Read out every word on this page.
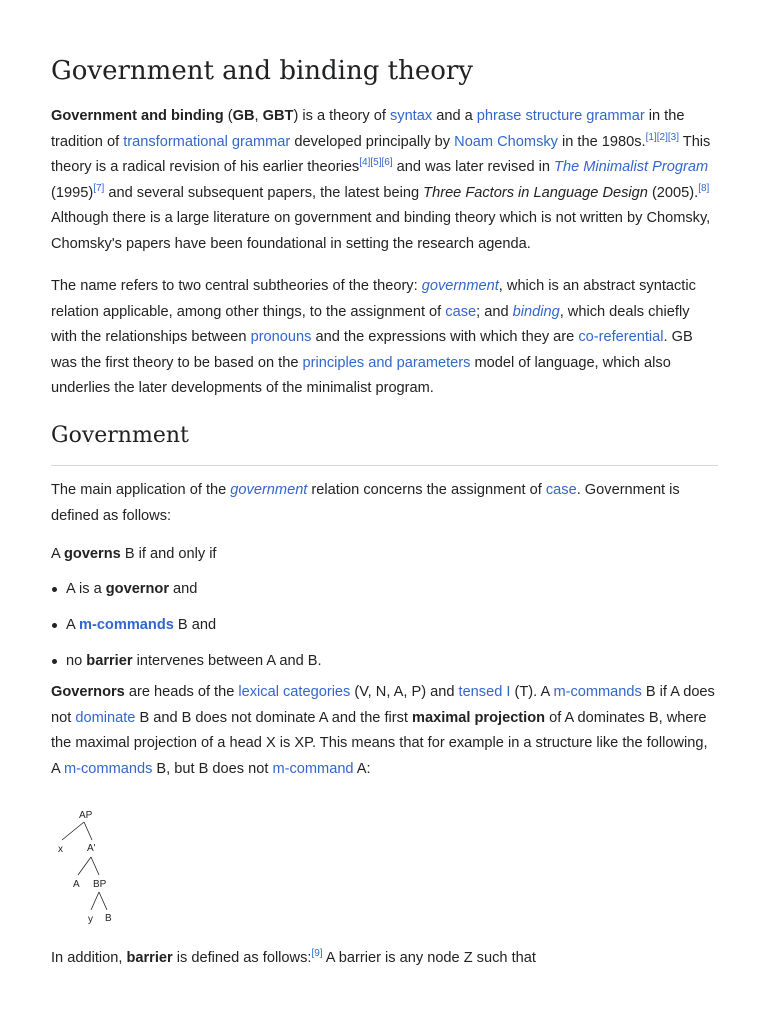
Government and binding theory

Government and binding (GB, GBT) is a theory of syntax and a phrase structure grammar in the tradition of transformational grammar developed principally by Noam Chomsky in the 1980s.[1][2][3] This theory is a radical revision of his earlier theories[4][5][6] and was later revised in The Minimalist Program (1995)[7] and several subsequent papers, the latest being Three Factors in Language Design (2005).[8] Although there is a large literature on government and binding theory which is not written by Chomsky, Chomsky's papers have been foundational in setting the research agenda.

The name refers to two central subtheories of the theory: government, which is an abstract syntactic relation applicable, among other things, to the assignment of case; and binding, which deals chiefly with the relationships between pronouns and the expressions with which they are co-referential. GB was the first theory to be based on the principles and parameters model of language, which also underlies the later developments of the minimalist program.

Government

The main application of the government relation concerns the assignment of case. Government is defined as follows:

A governs B if and only if

A is a governor and
A m-commands B and
no barrier intervenes between A and B.

Governors are heads of the lexical categories (V, N, A, P) and tensed I (T). A m-commands B if A does not dominate B and B does not dominate A and the first maximal projection of A dominates B, where the maximal projection of a head X is XP. This means that for example in a structure like the following, A m-commands B, but B does not m-command A:

AP
x A'
A BP
y B

In addition, barrier is defined as follows:[9] A barrier is any node Z such that
